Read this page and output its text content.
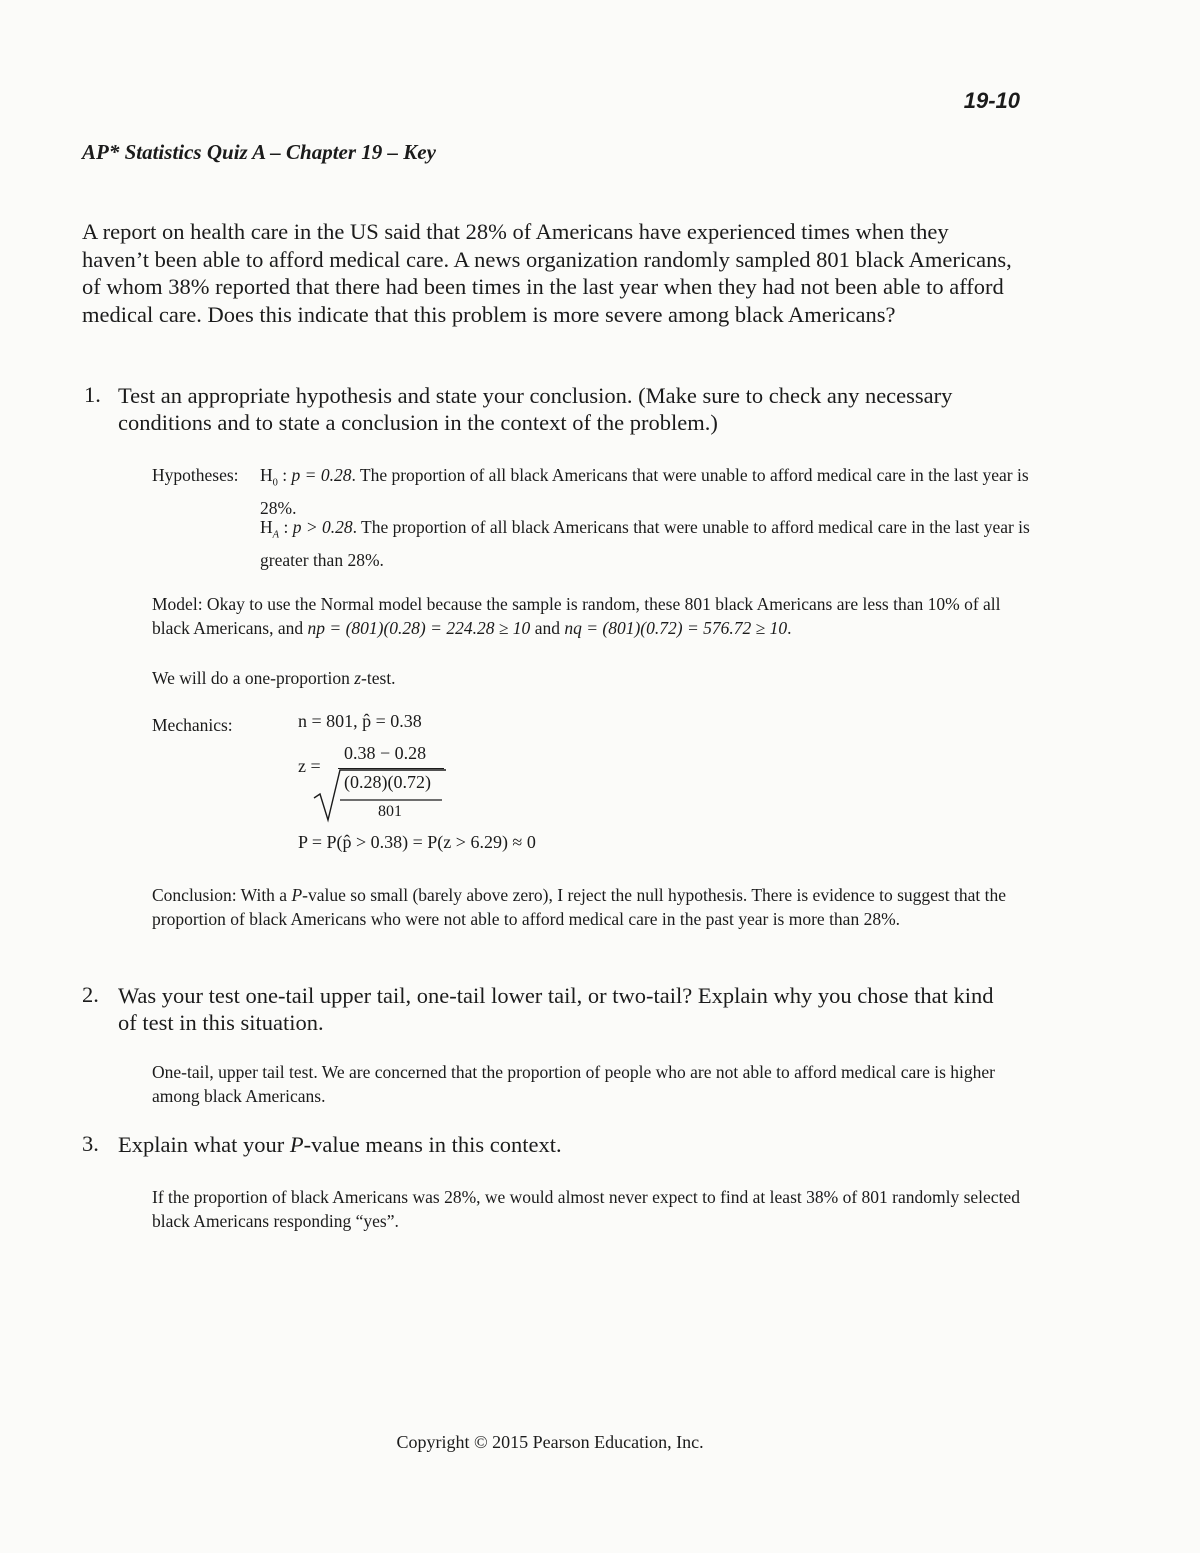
19-10
AP* Statistics Quiz A – Chapter 19 – Key
A report on health care in the US said that 28% of Americans have experienced times when they haven’t been able to afford medical care. A news organization randomly sampled 801 black Americans, of whom 38% reported that there had been times in the last year when they had not been able to afford medical care. Does this indicate that this problem is more severe among black Americans?
1. Test an appropriate hypothesis and state your conclusion. (Make sure to check any necessary conditions and to state a conclusion in the context of the problem.)
Hypotheses: $H_0$ : p = 0.28. The proportion of all black Americans that were unable to afford medical care in the last year is 28%.
$H_A$ : p > 0.28. The proportion of all black Americans that were unable to afford medical care in the last year is greater than 28%.
Model: Okay to use the Normal model because the sample is random, these 801 black Americans are less than 10% of all black Americans, and np = (801)(0.28) = 224.28 ≥ 10 and nq = (801)(0.72) = 576.72 ≥ 10.
We will do a one-proportion z-test.
Mechanics:	n = 801, p̂ = 0.38
z =
0.38 − 0.28
(0.28)(0.72)
801
P = P(p̂ > 0.38) = P(z > 6.29) ≈ 0
Conclusion: With a P-value so small (barely above zero), I reject the null hypothesis. There is evidence to suggest that the proportion of black Americans who were not able to afford medical care in the past year is more than 28%.
2. Was your test one-tail upper tail, one-tail lower tail, or two-tail? Explain why you chose that kind of test in this situation.
One-tail, upper tail test. We are concerned that the proportion of people who are not able to afford medical care is higher among black Americans.
3. Explain what your P-value means in this context.
If the proportion of black Americans was 28%, we would almost never expect to find at least 38% of 801 randomly selected black Americans responding “yes”.
Copyright © 2015 Pearson Education, Inc.
